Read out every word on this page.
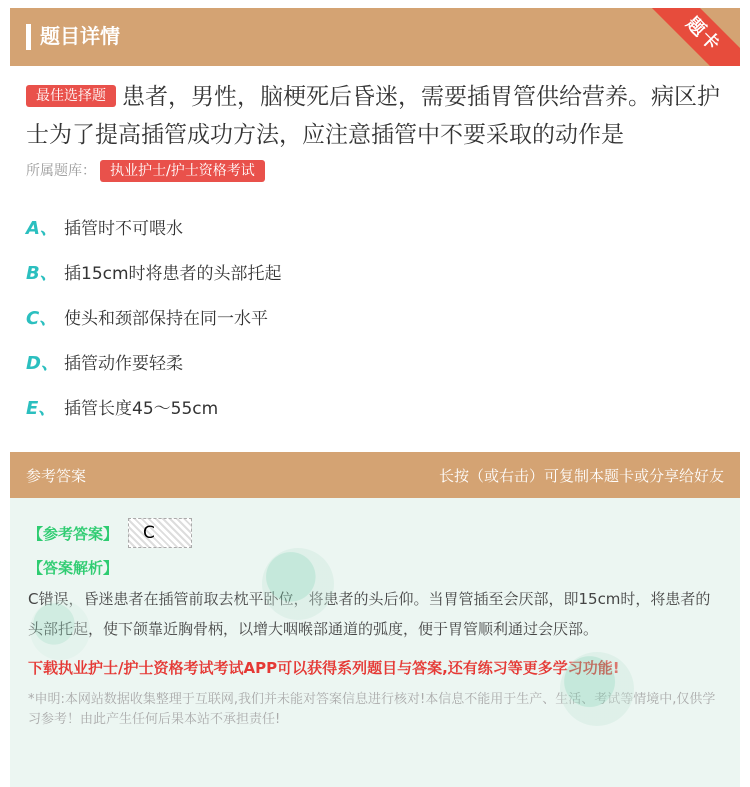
题目详情	题卡
最佳选择题 患者，男性，脑梗死后昏迷，需要插胃管供给营养。病区护士为了提高插管成功方法，应注意插管中不要采取的动作是
所属题库： 执业护士/护士资格考试
A、 插管时不可喂水
B、 插15cm时将患者的头部托起
C、 使头和颈部保持在同一水平
D、 插管动作要轻柔
E、 插管长度45～55cm
参考答案	长按（或右击）可复制本题卡或分享给好友
【参考答案】	C
【答案解析】
C错误，昏迷患者在插管前取去枕平卧位，将患者的头后仰。当胃管插至会厌部，即15cm时，将患者的头部托起，使下颌靠近胸骨柄，以增大咽喉部通道的弧度，便于胃管顺利通过会厌部。
下载执业护士/护士资格考试考试APP可以获得系列题目与答案,还有练习等更多学习功能!
*申明:本网站数据收集整理于互联网,我们并未能对答案信息进行核对!本信息不能用于生产、生活、考试等情境中,仅供学习参考！由此产生任何后果本站不承担责任!
